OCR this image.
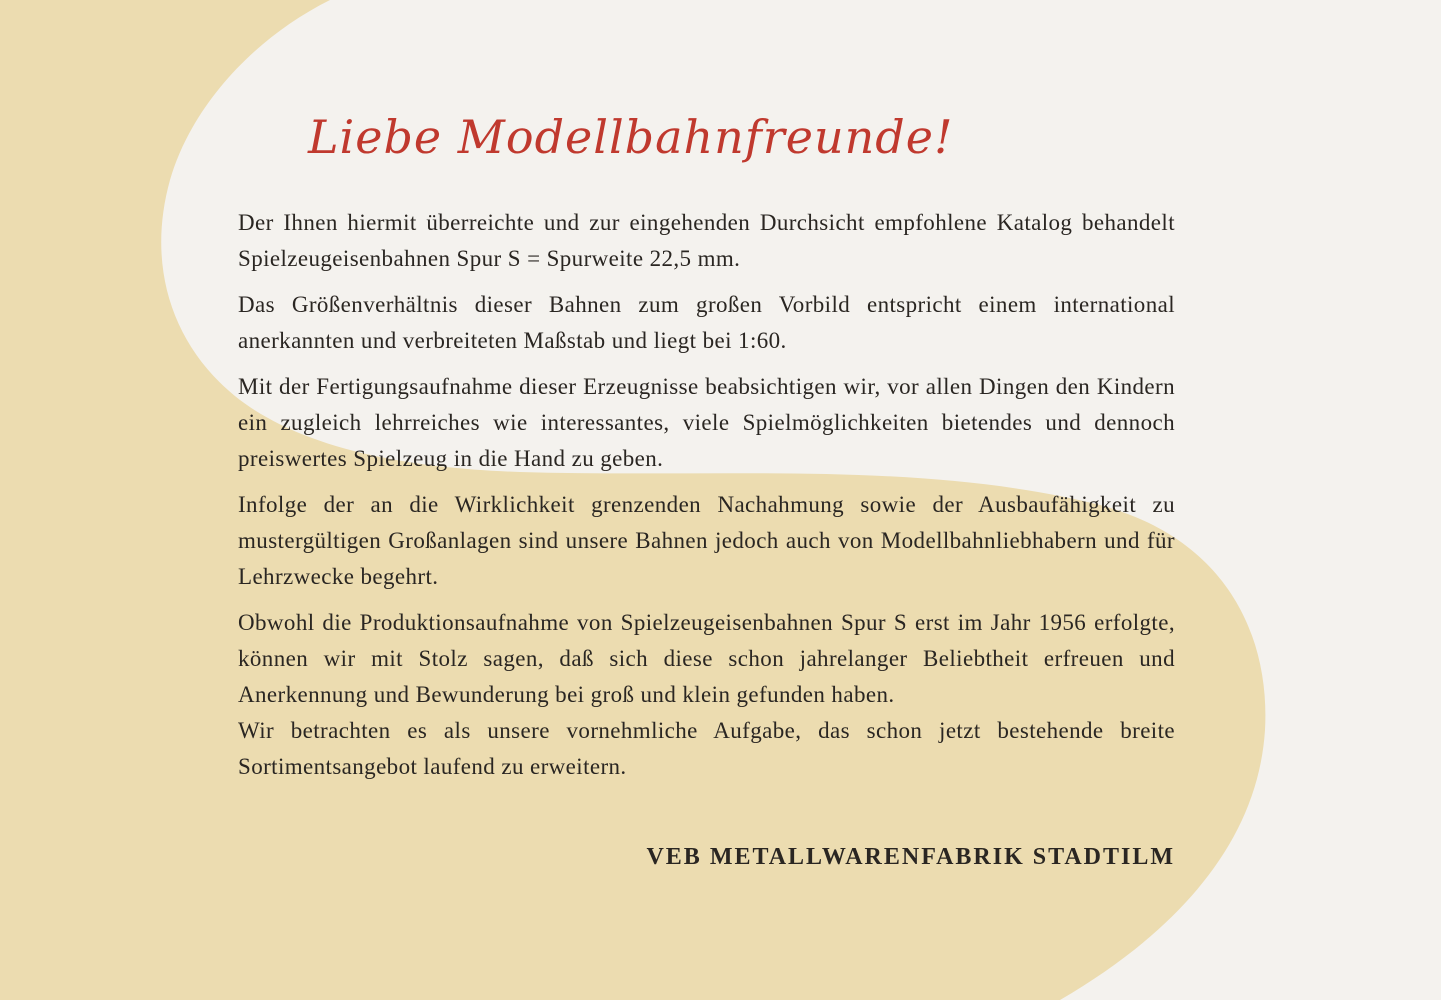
Liebe Modellbahnfreunde!

Der Ihnen hiermit überreichte und zur eingehenden Durchsicht empfohlene Katalog behandelt Spielzeugeisenbahnen Spur S = Spurweite 22,5 mm.

Das Größenverhältnis dieser Bahnen zum großen Vorbild entspricht einem international anerkannten und verbreiteten Maßstab und liegt bei 1:60.

Mit der Fertigungsaufnahme dieser Erzeugnisse beabsichtigen wir, vor allen Dingen den Kindern ein zugleich lehrreiches wie interessantes, viele Spielmöglichkeiten bietendes und dennoch preiswertes Spielzeug in die Hand zu geben.

Infolge der an die Wirklichkeit grenzenden Nachahmung sowie der Ausbaufähigkeit zu mustergültigen Großanlagen sind unsere Bahnen jedoch auch von Modellbahnliebhabern und für Lehrzwecke begehrt.

Obwohl die Produktionsaufnahme von Spielzeugeisenbahnen Spur S erst im Jahr 1956 erfolgte, können wir mit Stolz sagen, daß sich diese schon jahrelanger Beliebtheit erfreuen und Anerkennung und Bewunderung bei groß und klein gefunden haben.

Wir betrachten es als unsere vornehmliche Aufgabe, das schon jetzt bestehende breite Sortimentsangebot laufend zu erweitern.

VEB METALLWARENFABRIK STADTILM
